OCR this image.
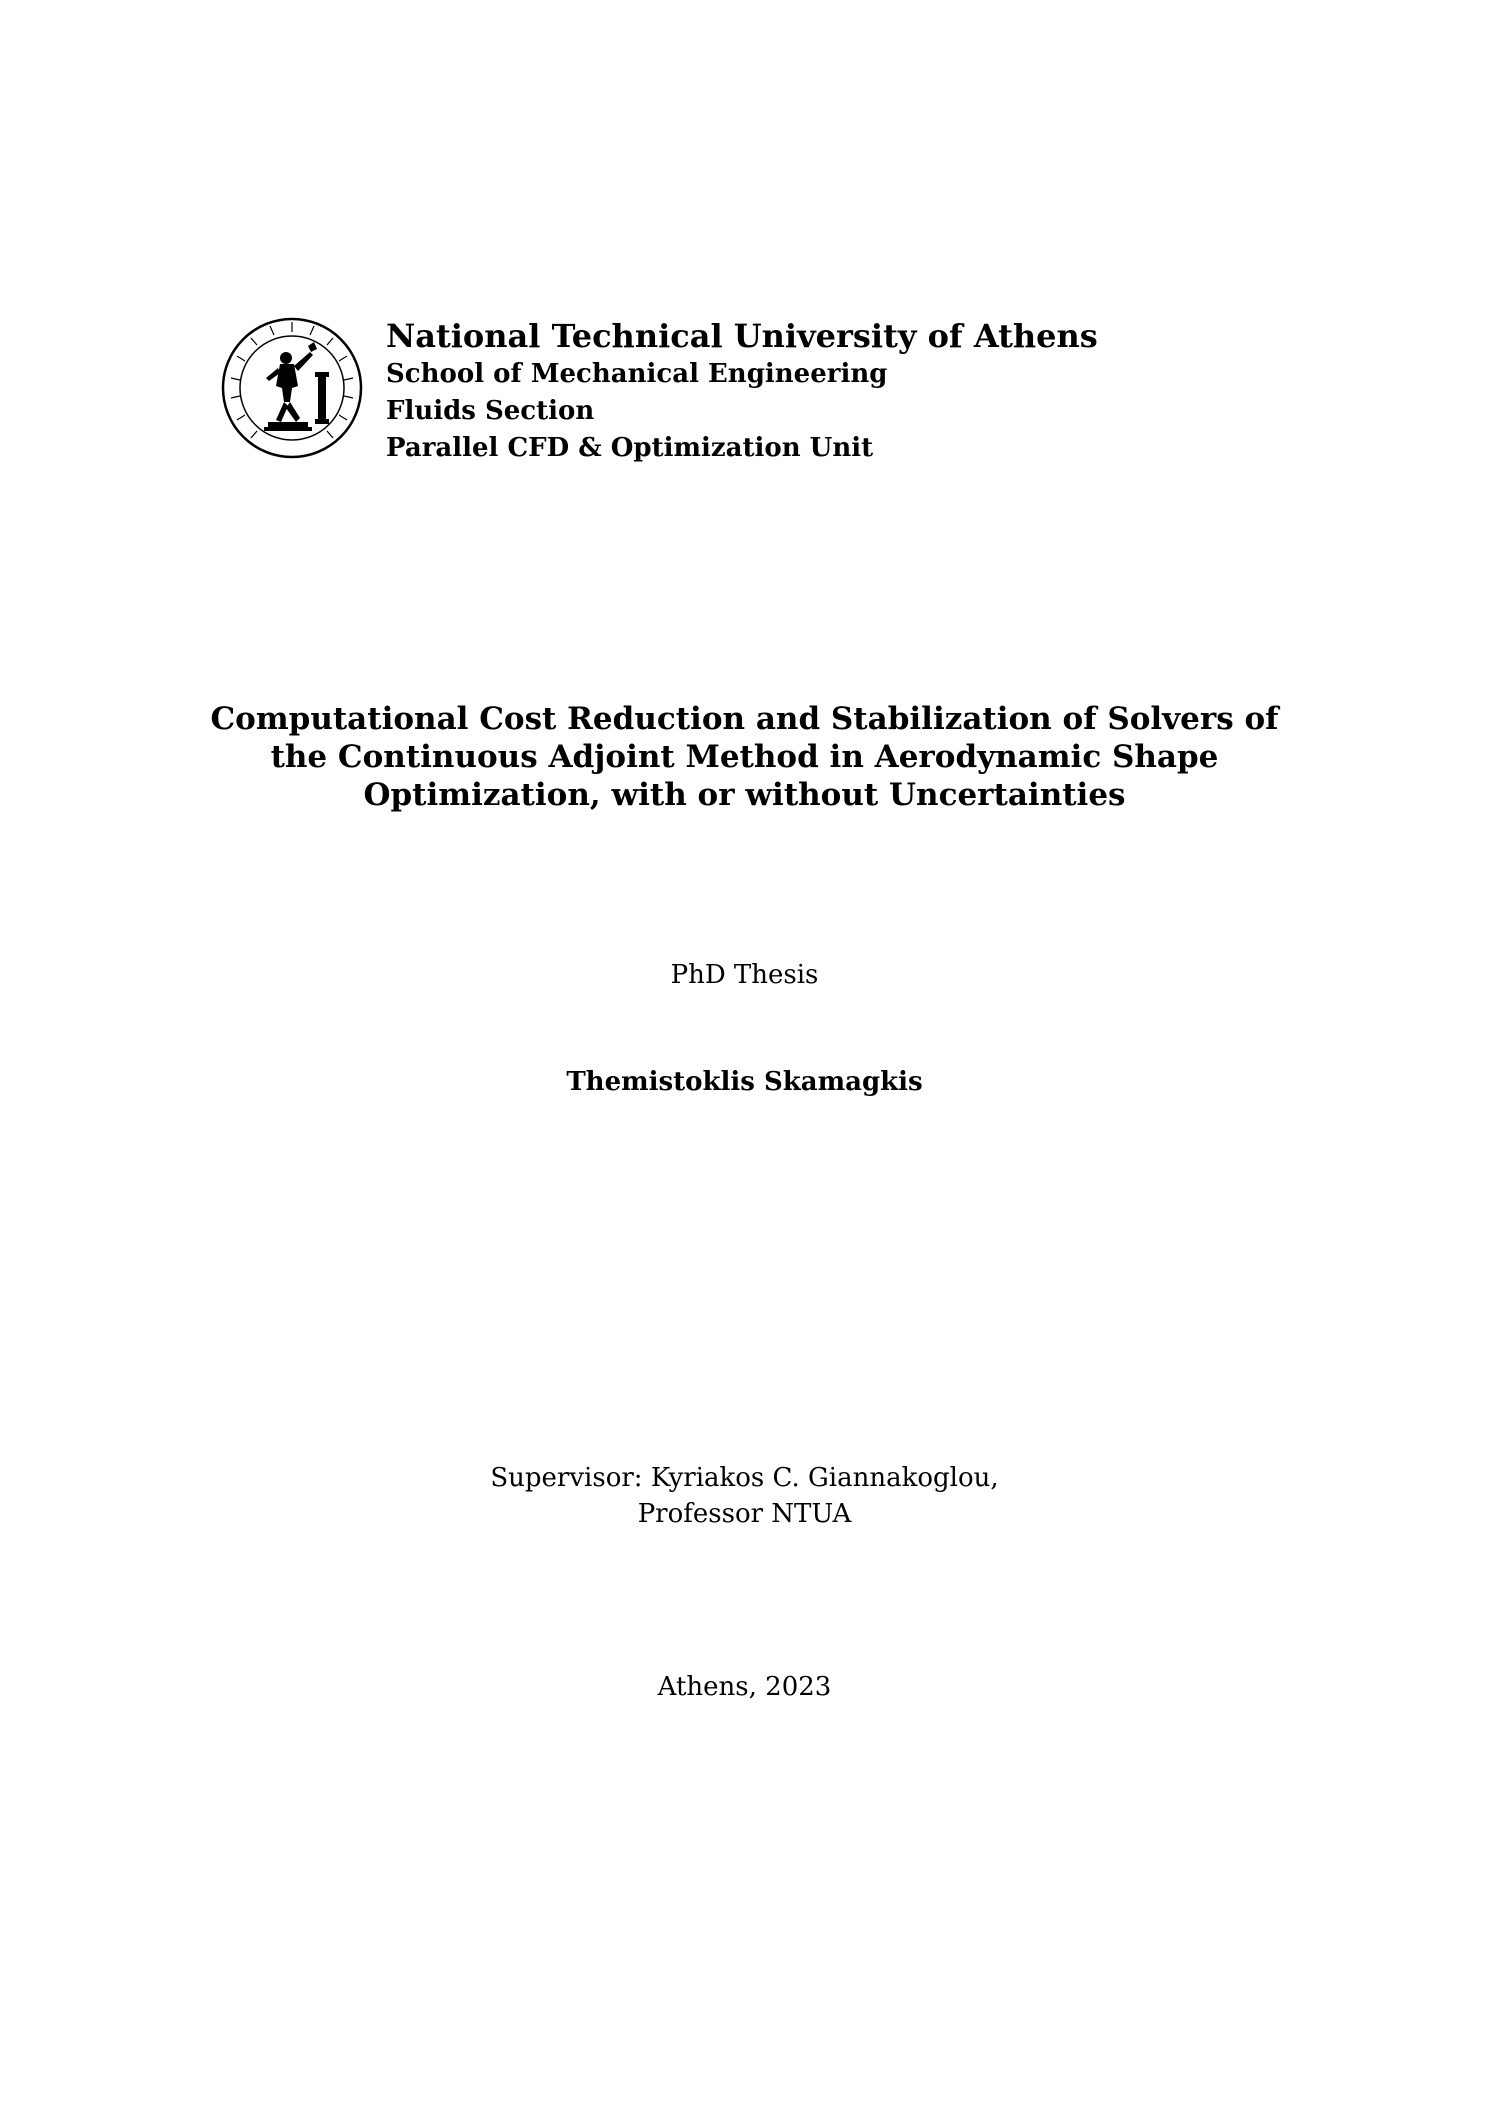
National Technical University of Athens
School of Mechanical Engineering
Fluids Section
Parallel CFD & Optimization Unit
Computational Cost Reduction and Stabilization of Solvers of
the Continuous Adjoint Method in Aerodynamic Shape
Optimization, with or without Uncertainties
PhD Thesis
Themistoklis Skamagkis
Supervisor: Kyriakos C. Giannakoglou,
Professor NTUA
Athens, 2023
